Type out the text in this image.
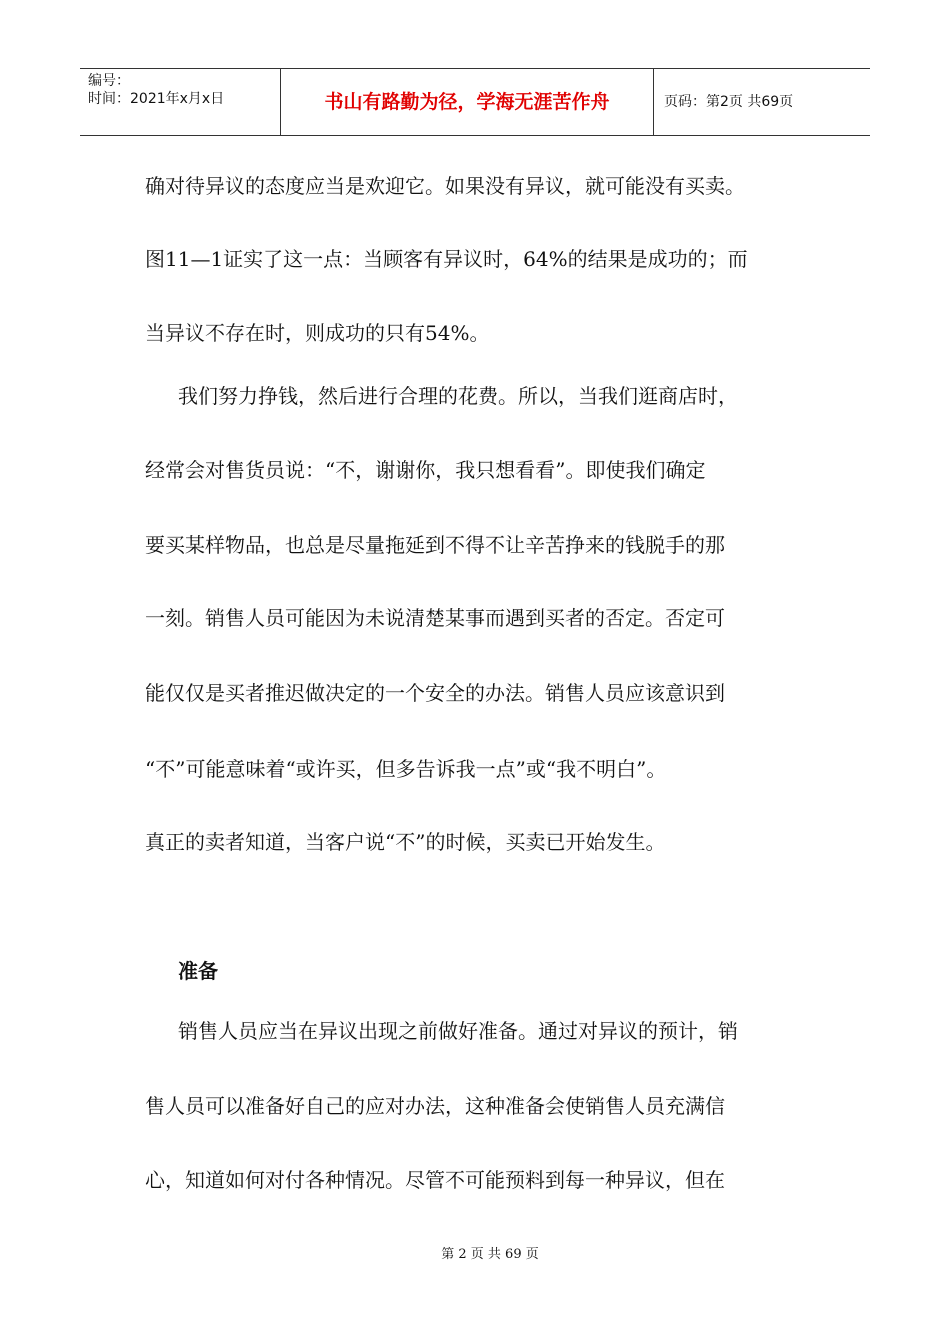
编号：
时间：2021年x月x日	书山有路勤为径，学海无涯苦作舟	页码：第2页 共69页
确对待异议的态度应当是欢迎它。如果没有异议，就可能没有买卖。
图11—1证实了这一点：当顾客有异议时，64%的结果是成功的；而
当异议不存在时，则成功的只有54%。
我们努力挣钱，然后进行合理的花费。所以，当我们逛商店时，
经常会对售货员说：“不，谢谢你，我只想看看”。即使我们确定
要买某样物品，也总是尽量拖延到不得不让辛苦挣来的钱脱手的那
一刻。销售人员可能因为未说清楚某事而遇到买者的否定。否定可
能仅仅是买者推迟做决定的一个安全的办法。销售人员应该意识到
“不”可能意味着“或许买，但多告诉我一点”或“我不明白”。
真正的卖者知道，当客户说“不”的时候，买卖已开始发生。
准备
销售人员应当在异议出现之前做好准备。通过对异议的预计，销
售人员可以准备好自己的应对办法，这种准备会使销售人员充满信
心，知道如何对付各种情况。尽管不可能预料到每一种异议，但在
第 2 页 共 69 页
